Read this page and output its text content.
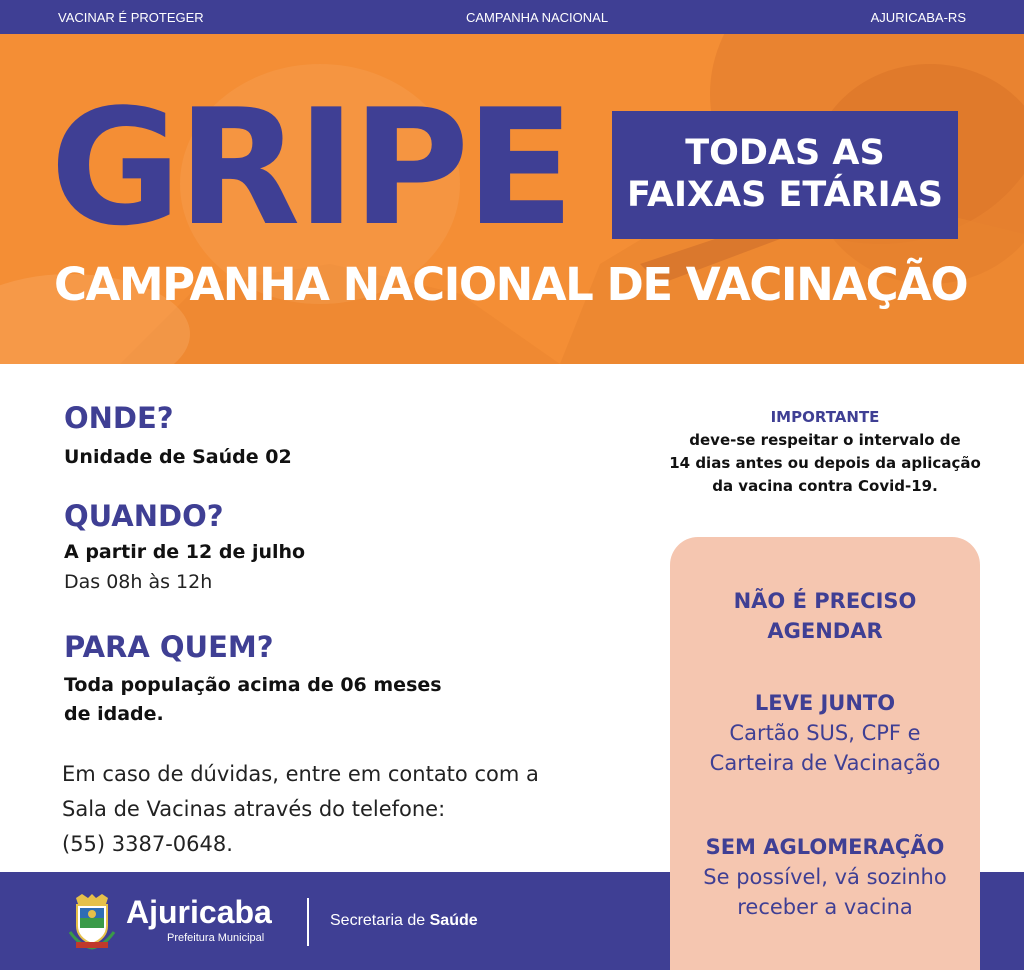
VACINAR É PROTEGER	CAMPANHA NACIONAL	AJURICABA-RS
GRIPE	TODAS AS
FAIXAS ETÁRIAS
CAMPANHA NACIONAL DE VACINAÇÃO
ONDE?
Unidade de Saúde 02
QUANDO?
A partir de 12 de julho
Das 08h às 12h
PARA QUEM?
Toda população acima de 06 meses
de idade.
Em caso de dúvidas, entre em contato com a
Sala de Vacinas através do telefone:
(55) 3387-0648.
IMPORTANTE
deve-se respeitar o intervalo de
14 dias antes ou depois da aplicação
da vacina contra Covid-19.
Ajuricaba
Prefeitura Municipal
Secretaria de Saúde
NÃO É PRECISO
AGENDAR
LEVE JUNTO
Cartão SUS, CPF e
Carteira de Vacinação
SEM AGLOMERAÇÃO
Se possível, vá sozinho
receber a vacina
